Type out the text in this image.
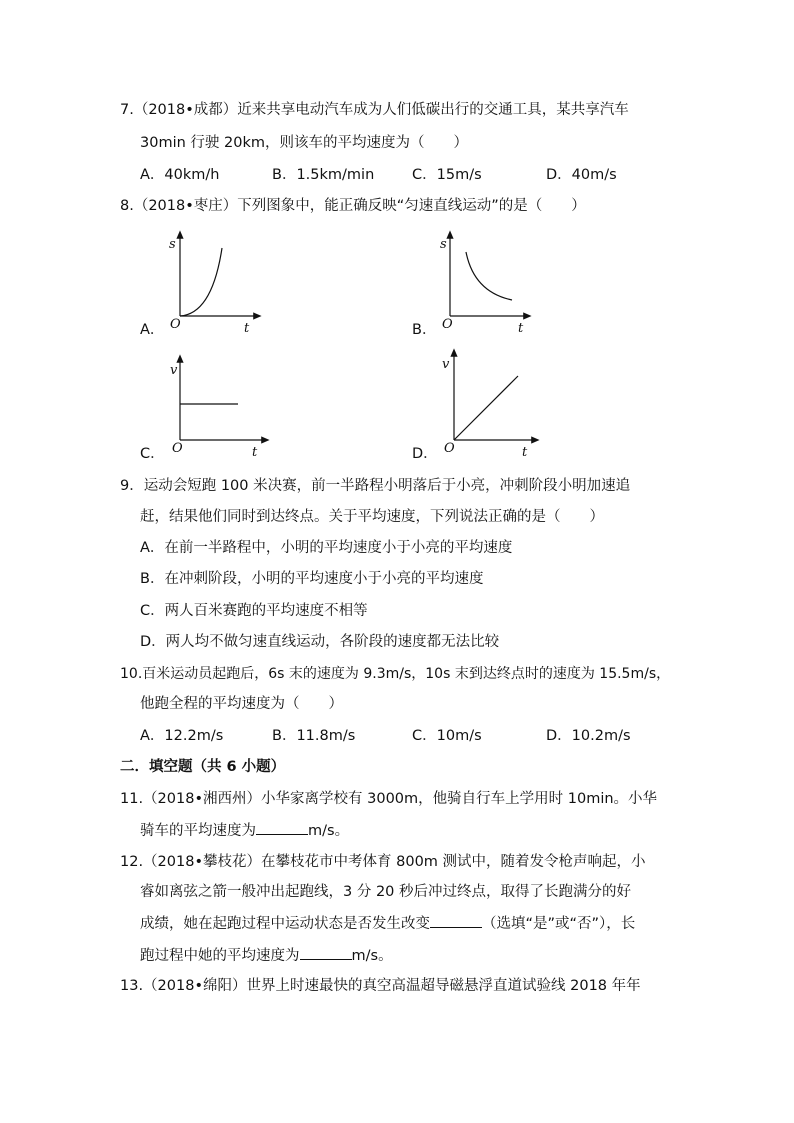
7.（2018•成都）近来共享电动汽车成为人们低碳出行的交通工具，某共享汽车
30min 行驶 20km，则该车的平均速度为（　　）
A．40km/h	B．1.5km/min	C．15m/s	D．40m/s
8.（2018•枣庄）下列图象中，能正确反映“匀速直线运动”的是（　　）
A．	B．
C．	D．
s
O	t
s
O	t
v
O	t
v
O	t
9．运动会短跑 100 米决赛，前一半路程小明落后于小亮，冲刺阶段小明加速追
赶，结果他们同时到达终点。关于平均速度，下列说法正确的是（　　）
A．在前一半路程中，小明的平均速度小于小亮的平均速度
B．在冲刺阶段，小明的平均速度小于小亮的平均速度
C．两人百米赛跑的平均速度不相等
D．两人均不做匀速直线运动，各阶段的速度都无法比较
10.百米运动员起跑后，6s 末的速度为 9.3m/s，10s 末到达终点时的速度为 15.5m/s，
他跑全程的平均速度为（　　）
A．12.2m/s	B．11.8m/s	C．10m/s	D．10.2m/s
二．填空题（共 6 小题）
11.（2018•湘西州）小华家离学校有 3000m，他骑自行车上学用时 10min。小华
骑车的平均速度为	m/s。
12.（2018•攀枝花）在攀枝花市中考体育 800m 测试中，随着发令枪声响起，小
睿如离弦之箭一般冲出起跑线，3 分 20 秒后冲过终点，取得了长跑满分的好
成绩，她在起跑过程中运动状态是否发生改变	（选填“是”或“否”），长
跑过程中她的平均速度为	m/s。
13.（2018•绵阳）世界上时速最快的真空高温超导磁悬浮直道试验线 2018 年年
